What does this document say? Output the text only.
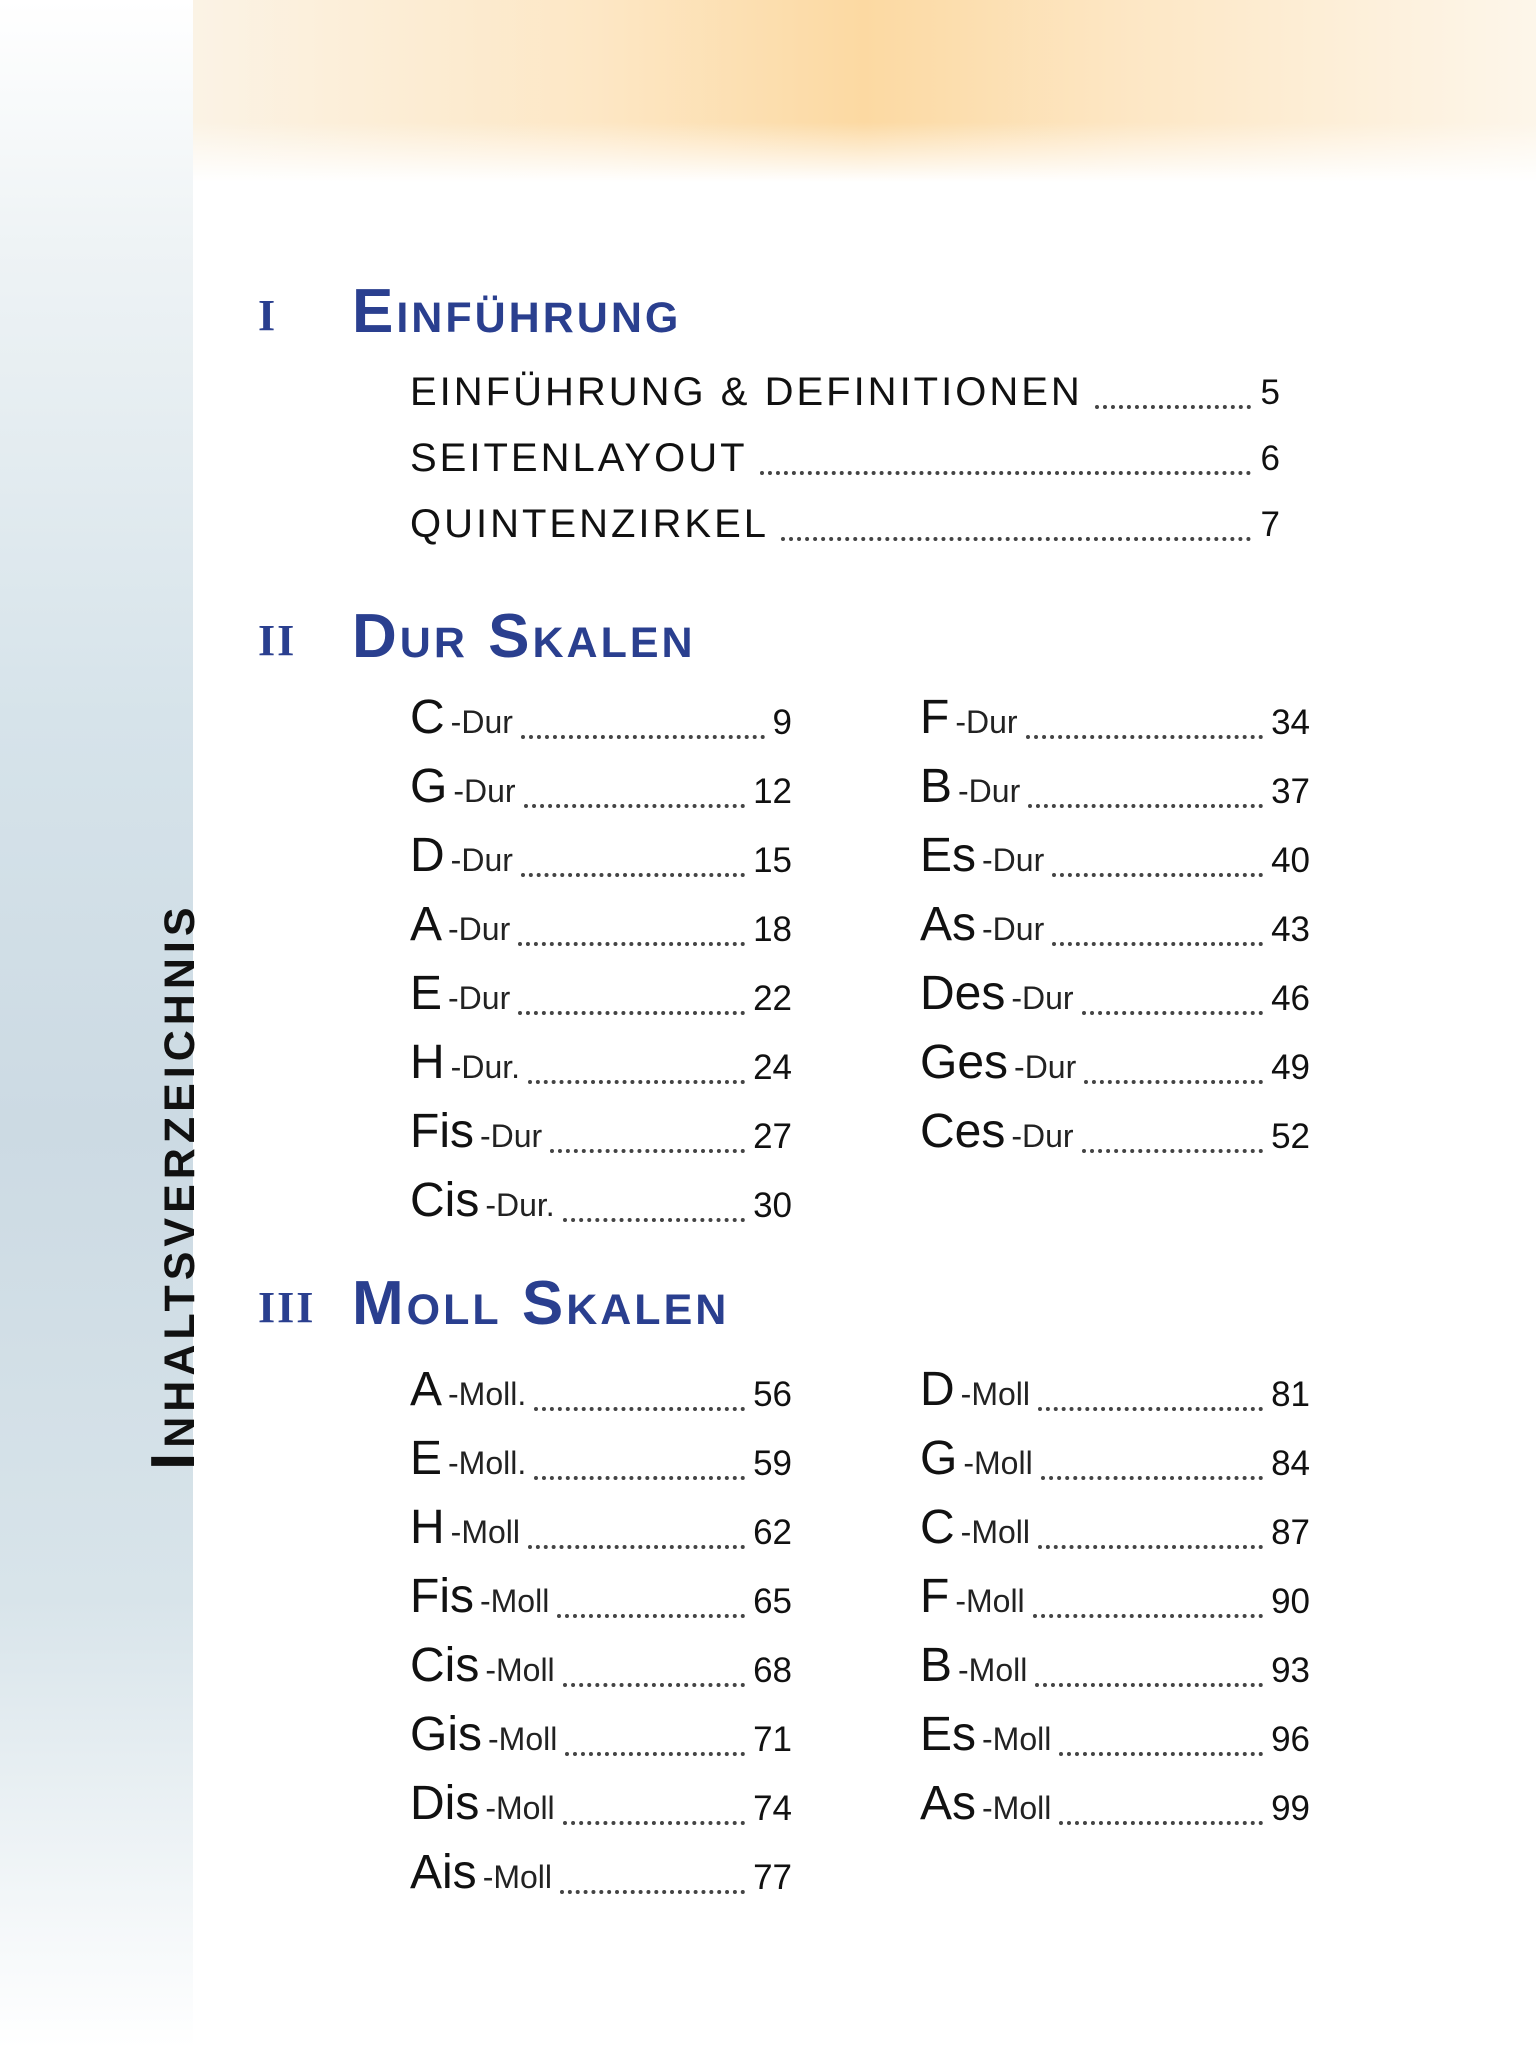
Inhaltsverzeichnis
I Einführung
EINFÜHRUNG & DEFINITIONEN	5
SEITENLAYOUT	6
QUINTENZIRKEL	7
II Dur Skalen
C -Dur	9
G -Dur	12
D -Dur	15
A -Dur	18
E -Dur	22
H -Dur.	24
Fis -Dur	27
Cis -Dur.	30
F -Dur	34
B -Dur	37
Es -Dur	40
As -Dur	43
Des -Dur	46
Ges -Dur	49
Ces -Dur	52
III Moll Skalen
A -Moll.	56
E -Moll.	59
H -Moll	62
Fis -Moll	65
Cis -Moll	68
Gis -Moll	71
Dis -Moll	74
Ais -Moll	77
D -Moll	81
G -Moll	84
C -Moll	87
F -Moll	90
B -Moll	93
Es -Moll	96
As -Moll	99
